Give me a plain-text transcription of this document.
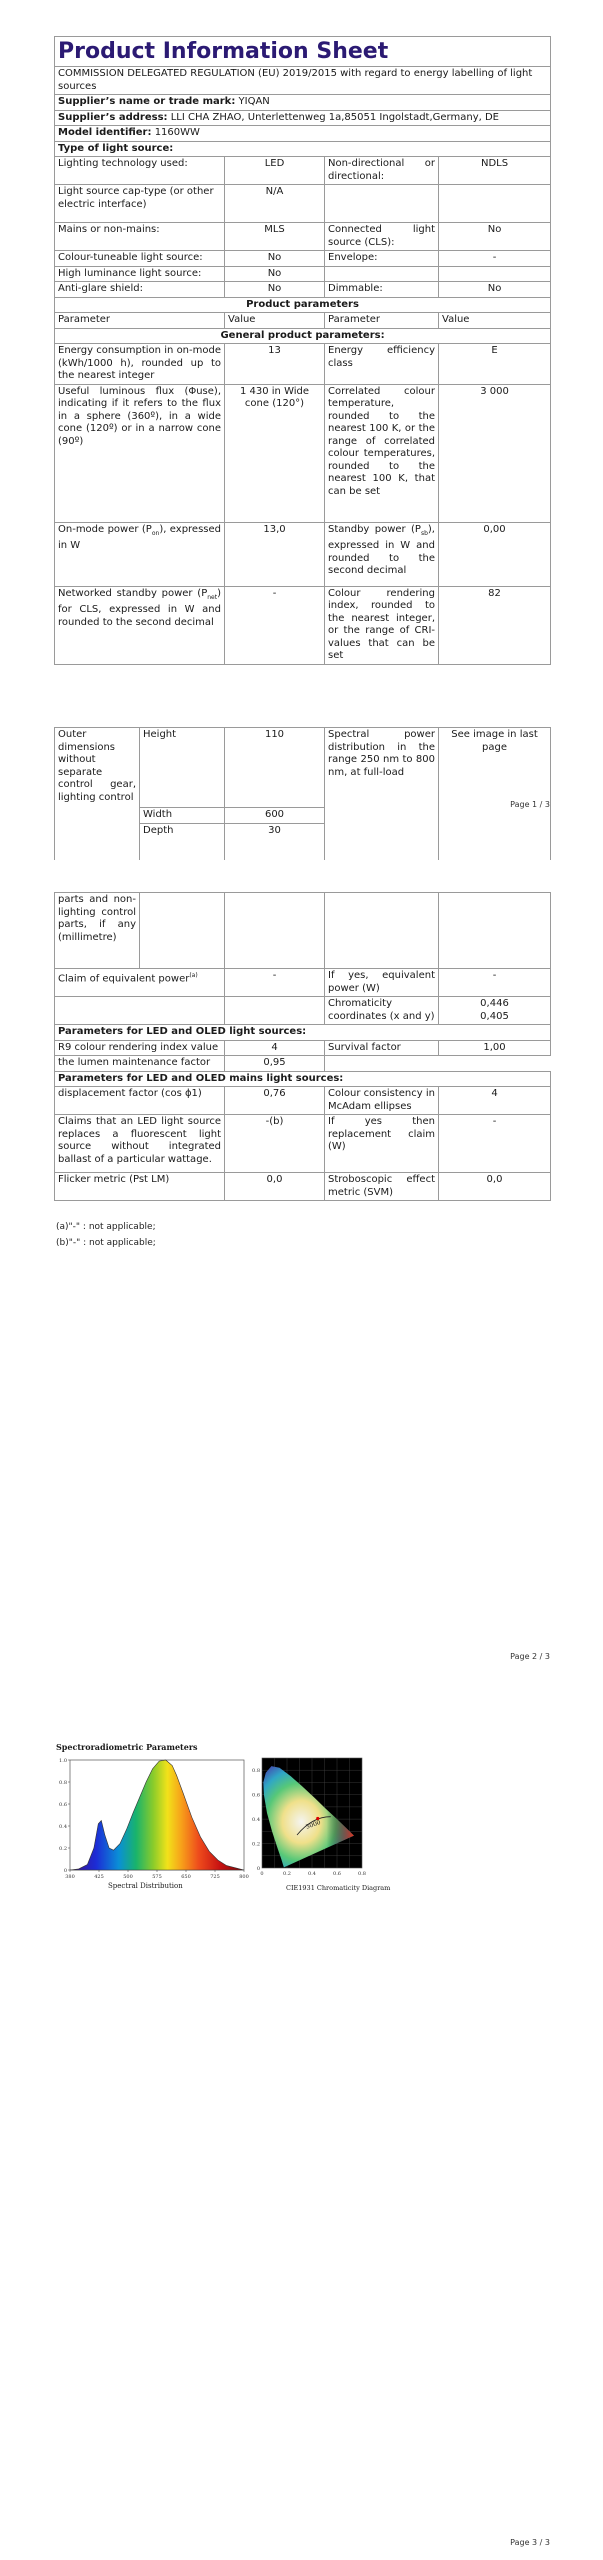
Product Information Sheet			
COMMISSION DELEGATED REGULATION (EU) 2019/2015 with regard to energy labelling of light sources			
Supplier’s name or trade mark: YIQAN			
Supplier’s address: LLI CHA ZHAO, Unterlettenweg 1a,85051 Ingolstadt,Germany, DE			
Model identifier: 1160WW			
Type of light source:			
Lighting technology used:	LED	Non-directional or directional:	NDLS
Light source cap-type (or other electric interface)	N/A		
Mains or non-mains:	MLS	Connected light source (CLS):	No
Colour-tuneable light source:	No	Envelope:	-
High luminance light source:	No		
Anti-glare shield:	No	Dimmable:	No
Product parameters			
Parameter	Value	Parameter	Value
General product parameters:			
Energy consumption in on-mode (kWh/1000 h), rounded up to the nearest integer	13	Energy efficiency class	E
Useful luminous flux (Φuse), indicating if it refers to the flux in a sphere (360º), in a wide cone (120º) or in a narrow cone (90º)	1 430 in Wide cone (120°)	Correlated colour temperature, rounded to the nearest 100 K, or the range of correlated colour temperatures, rounded to the nearest 100 K, that can be set	3 000
On-mode power $(P_{on})$, expressed in W	13,0	Standby power $(P_{sb})$, expressed in W and rounded to the second decimal	0,00
Networked standby power $(P_{net})$ for CLS, expressed in W and rounded to the second decimal	-	Colour rendering index, rounded to the nearest integer, or the range of CRI-values that can be set	82
Outer dimensions without separate control gear, lighting control	Height	110	Spectral power distribution in the range 250 nm to 800 nm, at full-load	See image in last page
	Width	600		
	Depth	30		
Page 1 / 3
parts and non-lighting control parts, if any (millimetre)				
Claim of equivalent power$^{(a)}$		-	If yes, equivalent power (W)	-
			Chromaticity coordinates (x and y)	0,446
0,405

Parameters for LED and OLED light sources:				
R9 colour rendering index value		4	Survival factor	1,00
the lumen maintenance factor		0,95		
Parameters for LED and OLED mains light sources:				
displacement factor (cos ϕ1)		0,76	Colour consistency in McAdam ellipses	4
Claims that an LED light source replaces a fluorescent light source without integrated ballast of a particular wattage.		-(b)	If yes then replacement claim (W)	-
Flicker metric (Pst LM)		0,0	Stroboscopic effect metric (SVM)	0,0
(a)"-" : not applicable;
(b)"-" : not applicable;
Page 2 / 3
Spectroradiometric Parameters
0
0.2
0.4
0.6
0.8
1.0
380	425	500	575	650	725	800
Spectral Distribution
3000
0	0.2	0.4	0.6	0.8
0
0.2
0.4
0.6
0.8
CIE1931 Chromaticity Diagram
Page 3 / 3
